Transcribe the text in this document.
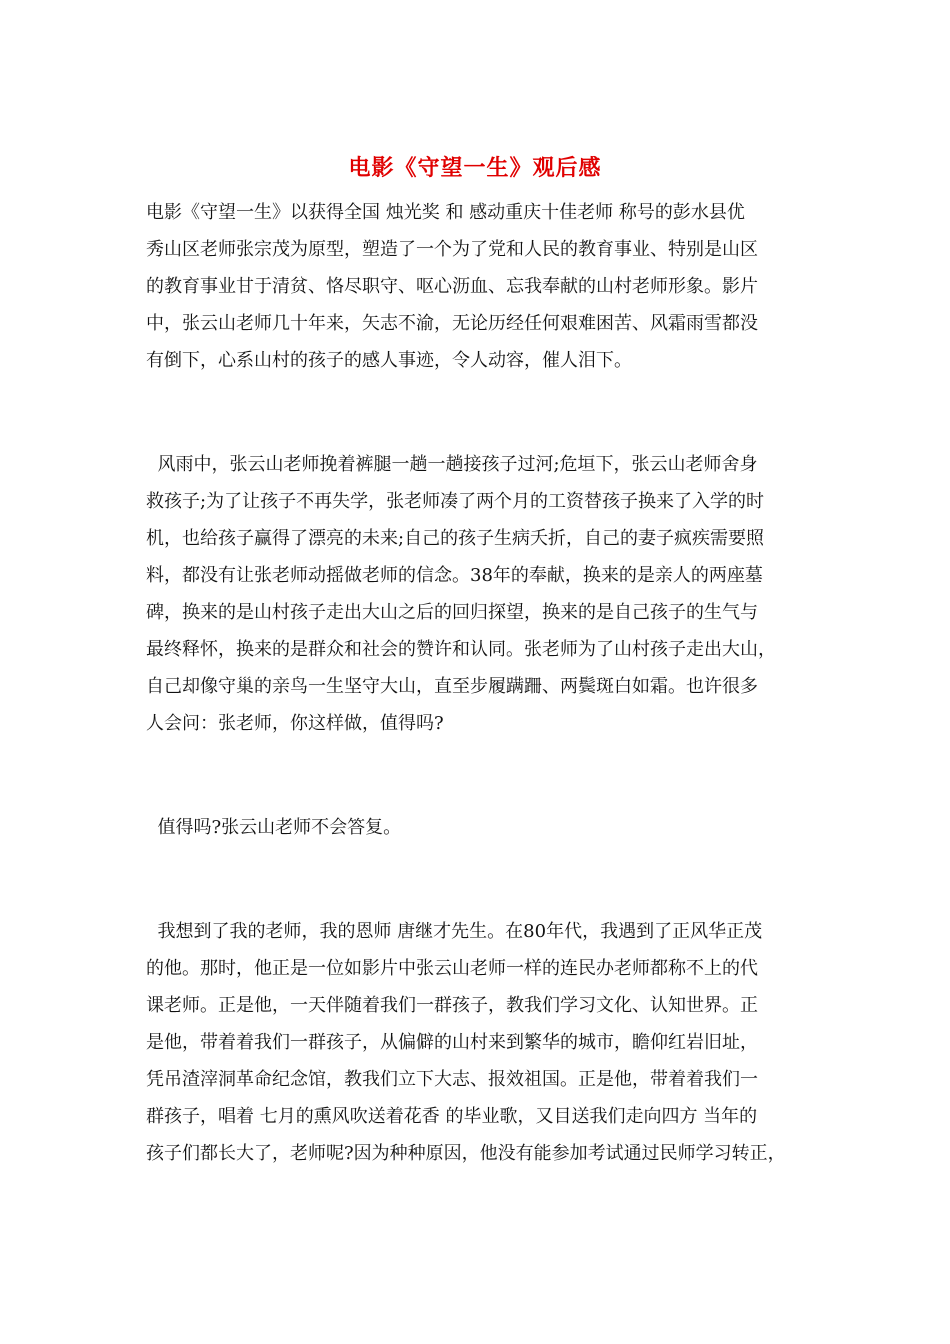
电影《守望一生》观后感
电影《守望一生》以获得全国 烛光奖 和 感动重庆十佳老师 称号的彭水县优
秀山区老师张宗茂为原型，塑造了一个为了党和人民的教育事业、特别是山区
的教育事业甘于清贫、恪尽职守、呕心沥血、忘我奉献的山村老师形象。影片
中，张云山老师几十年来，矢志不渝，无论历经任何艰难困苦、风霜雨雪都没
有倒下，心系山村的孩子的感人事迹，令人动容，催人泪下。
风雨中，张云山老师挽着裤腿一趟一趟接孩子过河;危垣下，张云山老师舍身
救孩子;为了让孩子不再失学，张老师凑了两个月的工资替孩子换来了入学的时
机，也给孩子赢得了漂亮的未来;自己的孩子生病夭折，自己的妻子疯疾需要照
料，都没有让张老师动摇做老师的信念。38年的奉献，换来的是亲人的两座墓
碑，换来的是山村孩子走出大山之后的回归探望，换来的是自己孩子的生气与
最终释怀，换来的是群众和社会的赞许和认同。张老师为了山村孩子走出大山，
自己却像守巢的亲鸟一生坚守大山，直至步履蹒跚、两鬓斑白如霜。也许很多
人会问：张老师，你这样做，值得吗?
值得吗?张云山老师不会答复。
我想到了我的老师，我的恩师 唐继才先生。在80年代，我遇到了正风华正茂
的他。那时，他正是一位如影片中张云山老师一样的连民办老师都称不上的代
课老师。正是他，一天伴随着我们一群孩子，教我们学习文化、认知世界。正
是他，带着着我们一群孩子，从偏僻的山村来到繁华的城市，瞻仰红岩旧址，
凭吊渣滓洞革命纪念馆，教我们立下大志、报效祖国。正是他，带着着我们一
群孩子，唱着 七月的熏风吹送着花香 的毕业歌，又目送我们走向四方 当年的
孩子们都长大了，老师呢?因为种种原因，他没有能参加考试通过民师学习转正，
